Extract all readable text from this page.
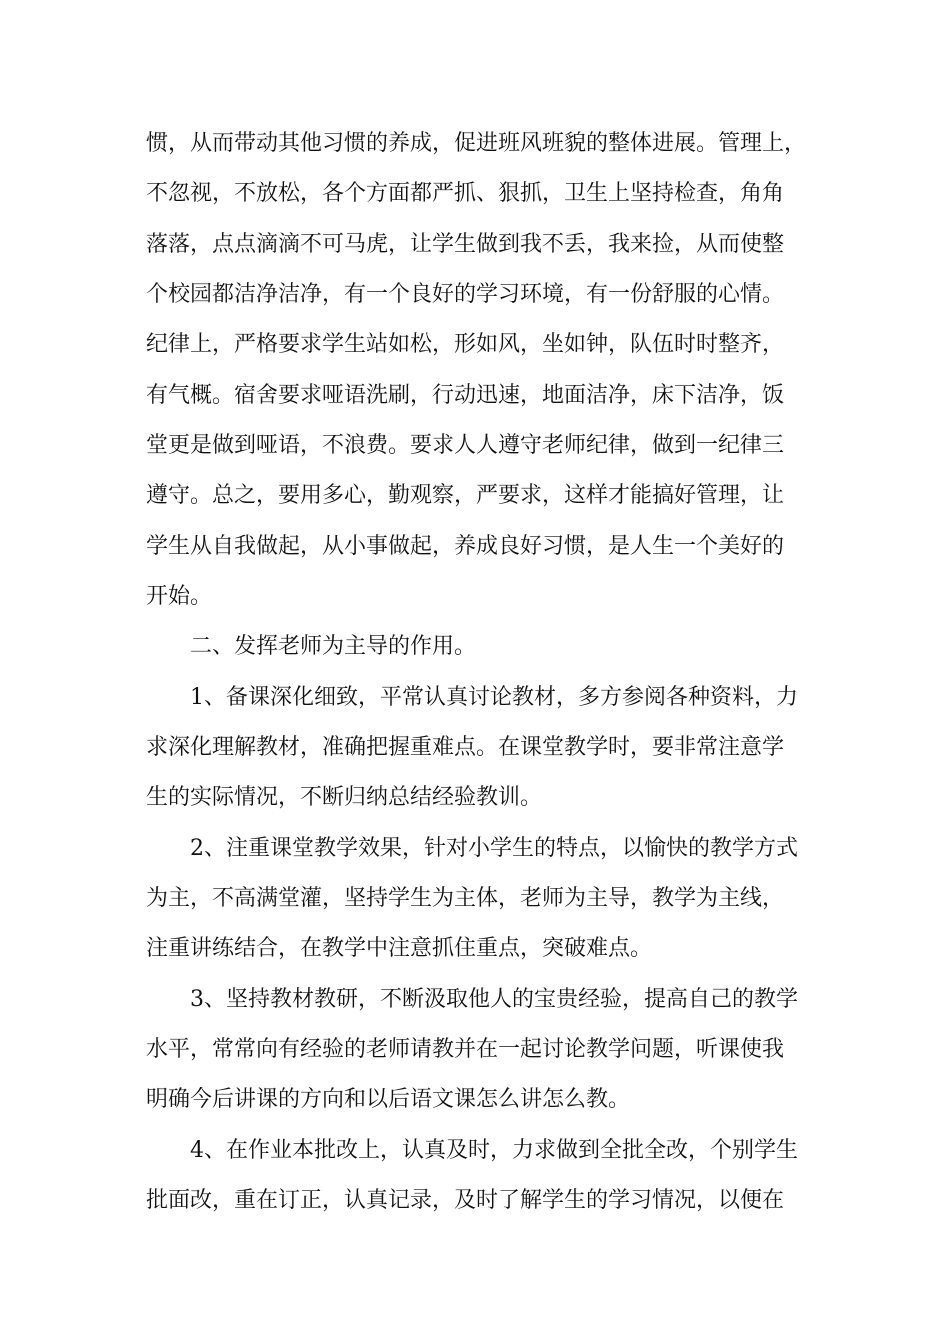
惯，从而带动其他习惯的养成，促进班风班貌的整体进展。管理上，
不忽视，不放松，各个方面都严抓、狠抓，卫生上坚持检查，角角
落落，点点滴滴不可马虎，让学生做到我不丢，我来捡，从而使整
个校园都洁净洁净，有一个良好的学习环境，有一份舒服的心情。
纪律上，严格要求学生站如松，形如风，坐如钟，队伍时时整齐，
有气概。宿舍要求哑语洗刷，行动迅速，地面洁净，床下洁净，饭
堂更是做到哑语，不浪费。要求人人遵守老师纪律，做到一纪律三
遵守。总之，要用多心，勤观察，严要求，这样才能搞好管理，让
学生从自我做起，从小事做起，养成良好习惯，是人生一个美好的
开始。
二、发挥老师为主导的作用。
1、备课深化细致，平常认真讨论教材，多方参阅各种资料，力
求深化理解教材，准确把握重难点。在课堂教学时，要非常注意学
生的实际情况，不断归纳总结经验教训。
2、注重课堂教学效果，针对小学生的特点，以愉快的教学方式
为主，不高满堂灌，坚持学生为主体，老师为主导，教学为主线，
注重讲练结合，在教学中注意抓住重点，突破难点。
3、坚持教材教研，不断汲取他人的宝贵经验，提高自己的教学
水平，常常向有经验的老师请教并在一起讨论教学问题，听课使我
明确今后讲课的方向和以后语文课怎么讲怎么教。
4、在作业本批改上，认真及时，力求做到全批全改，个别学生
批面改，重在订正，认真记录，及时了解学生的学习情况，以便在
